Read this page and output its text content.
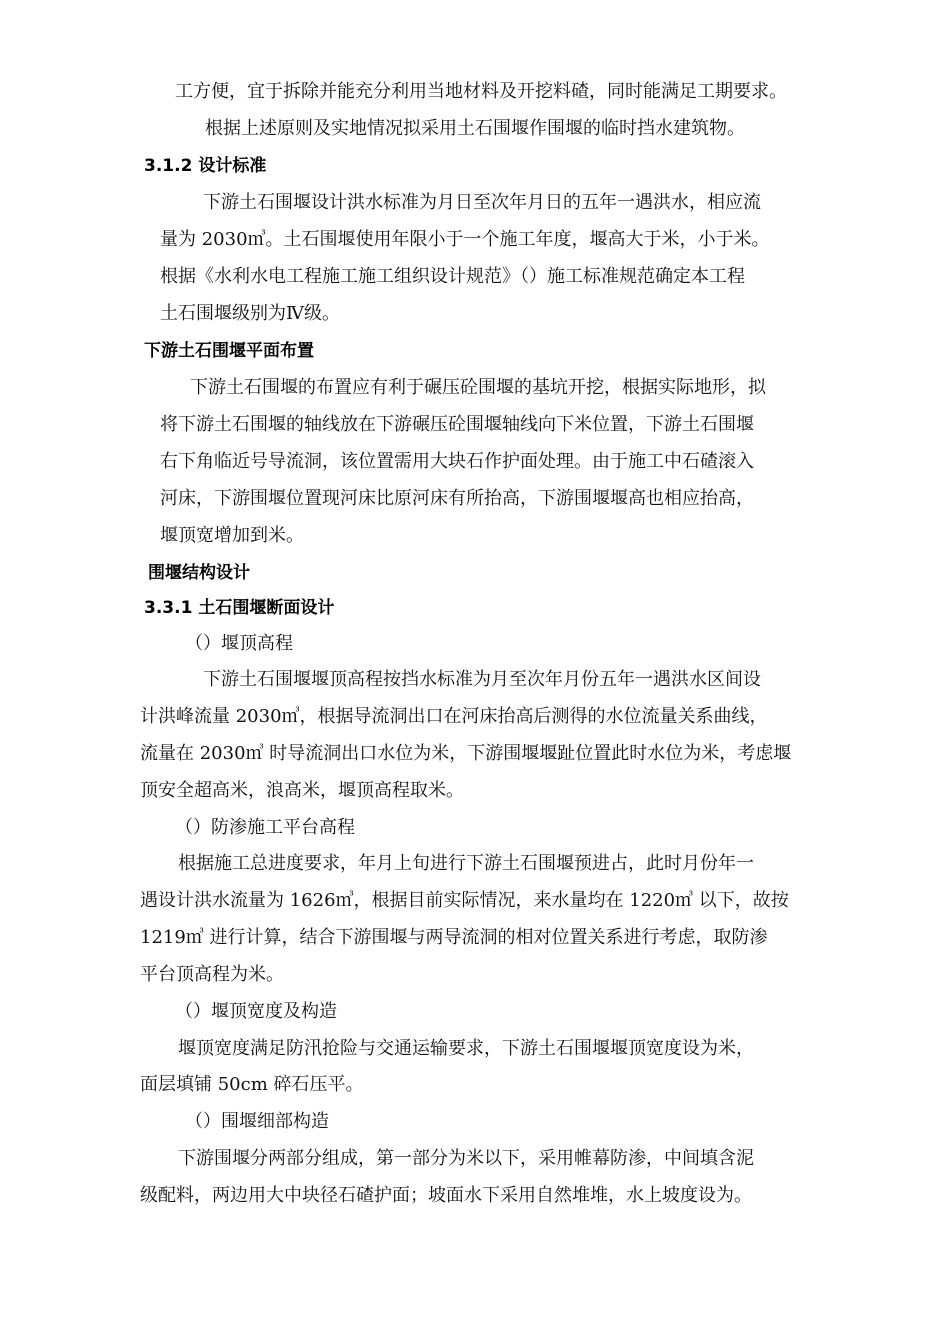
工方便，宜于拆除并能充分利用当地材料及开挖料碴，同时能满足工期要求。
根据上述原则及实地情况拟采用土石围堰作围堰的临时挡水建筑物。
3.1.2 设计标准
下游土石围堰设计洪水标准为月日至次年月日的五年一遇洪水，相应流
量为 2030㎥。土石围堰使用年限小于一个施工年度，堰高大于米，小于米。
根据《水利水电工程施工施工组织设计规范》（）施工标准规范确定本工程
土石围堰级别为Ⅳ级。
下游土石围堰平面布置
下游土石围堰的布置应有利于碾压砼围堰的基坑开挖，根据实际地形，拟
将下游土石围堰的轴线放在下游碾压砼围堰轴线向下米位置，下游土石围堰
右下角临近号导流洞，该位置需用大块石作护面处理。由于施工中石碴滚入
河床，下游围堰位置现河床比原河床有所抬高，下游围堰堰高也相应抬高，
堰顶宽增加到米。
围堰结构设计
3.3.1 土石围堰断面设计
（）堰顶高程
下游土石围堰堰顶高程按挡水标准为月至次年月份五年一遇洪水区间设
计洪峰流量 2030㎥，根据导流洞出口在河床抬高后测得的水位流量关系曲线，
流量在 2030㎥ 时导流洞出口水位为米，下游围堰堰趾位置此时水位为米，考虑堰
顶安全超高米，浪高米，堰顶高程取米。
（）防渗施工平台高程
根据施工总进度要求，年月上旬进行下游土石围堰预进占，此时月份年一
遇设计洪水流量为 1626㎥，根据目前实际情况，来水量均在 1220㎥ 以下，故按
1219㎥ 进行计算，结合下游围堰与两导流洞的相对位置关系进行考虑，取防渗
平台顶高程为米。
（）堰顶宽度及构造
堰顶宽度满足防汛抢险与交通运输要求，下游土石围堰堰顶宽度设为米，
面层填铺 50cm 碎石压平。
（）围堰细部构造
下游围堰分两部分组成，第一部分为米以下，采用帷幕防渗，中间填含泥
级配料，两边用大中块径石碴护面；坡面水下采用自然堆堆，水上坡度设为。
